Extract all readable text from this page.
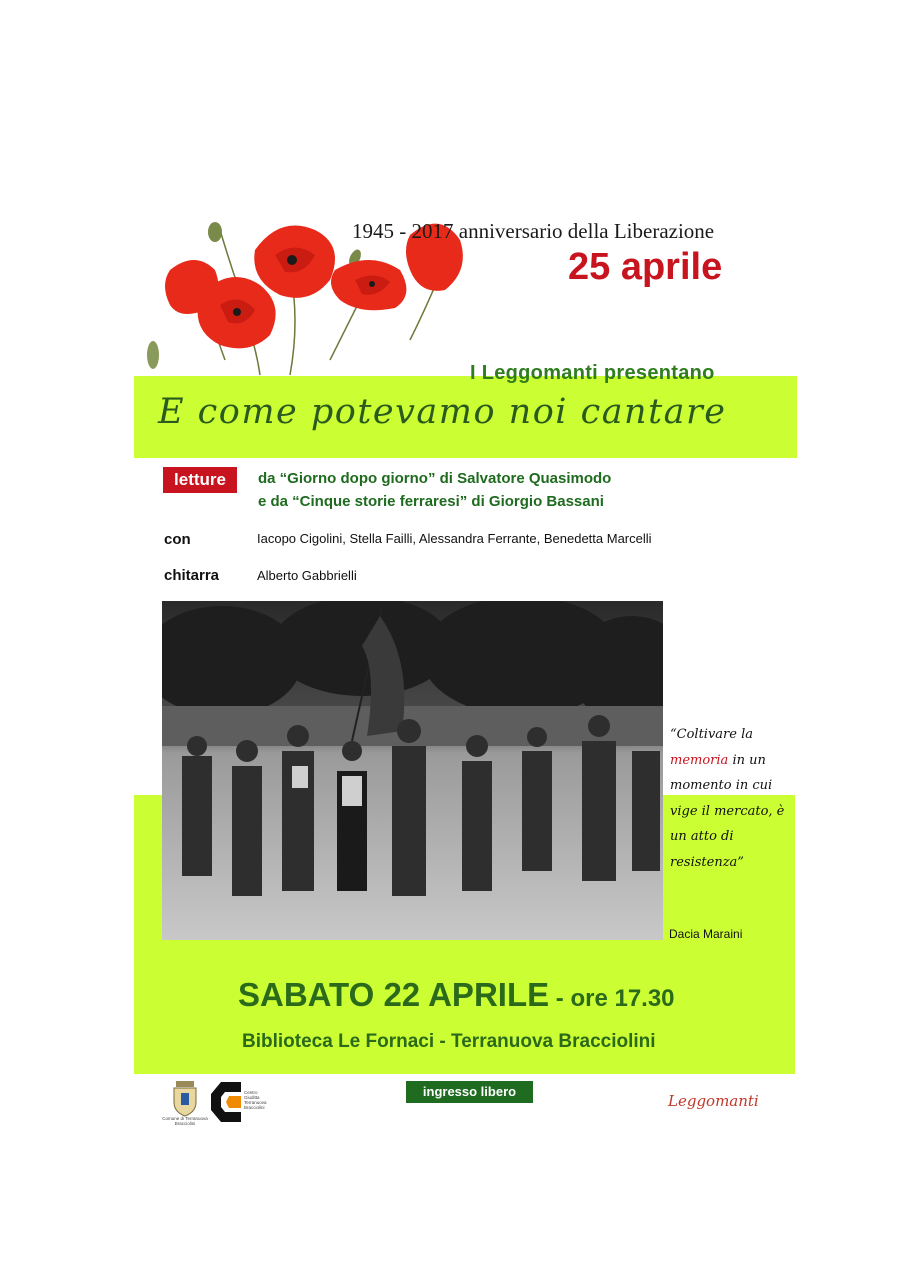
1945 - 2017 anniversario della Liberazione
25 aprile
I Leggomanti presentano
E come potevamo noi cantare
letture	da “Giorno dopo giorno” di Salvatore Quasimodo
e da “Cinque storie ferraresi” di Giorgio Bassani
con	Iacopo Cigolini, Stella Failli, Alessandra Ferrante, Benedetta Marcelli
chitarra	Alberto Gabbrielli
“Coltivare la memoria in un momento in cui vige il mercato, è un atto di resistenza”
Dacia Maraini
SABATO 22 APRILE - ore 17.30
Biblioteca Le Fornaci - Terranuova Bracciolini
ingresso libero
Comune di Terranuova Bracciolini
Centro Giuditta Terranuova Bracciolini	Leggomanti
